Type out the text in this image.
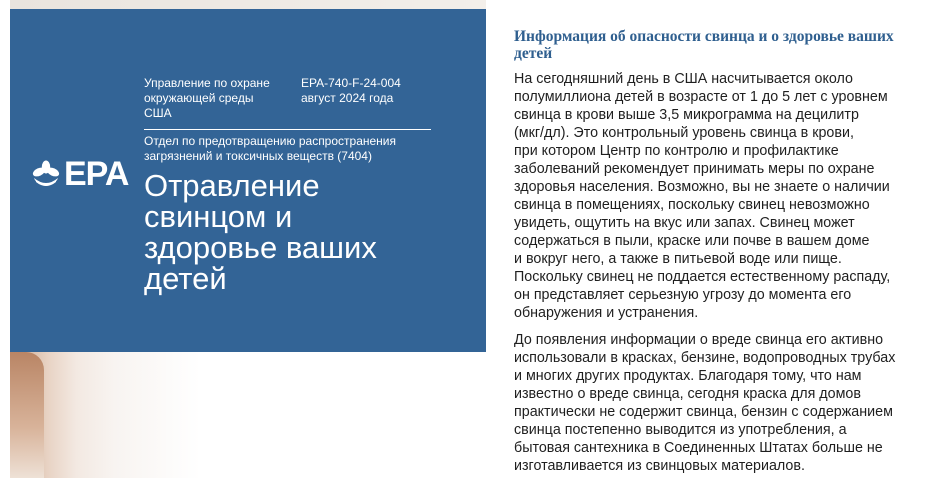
EPA
Управление по охране
окружающей среды
США
EPA-740-F-24-004
август 2024 года
Отдел по предотвращению распространения
загрязнений и токсичных веществ (7404)
Отравление
свинцом и
здоровье ваших
детей
Информация об опасности свинца и о здоровье ваших детей

На сегодняшний день в США насчитывается около
полумиллиона детей в возрасте от 1 до 5 лет с уровнем
свинца в крови выше 3,5 микрограмма на децилитр
(мкг/дл). Это контрольный уровень свинца в крови,
при котором Центр по контролю и профилактике
заболеваний рекомендует принимать меры по охране
здоровья населения. Возможно, вы не знаете о наличии
свинца в помещениях, поскольку свинец невозможно
увидеть, ощутить на вкус или запах. Свинец может
содержаться в пыли, краске или почве в вашем доме
и вокруг него, а также в питьевой воде или пище.
Поскольку свинец не поддается естественному распаду,
он представляет серьезную угрозу до момента его
обнаружения и устранения.

До появления информации о вреде свинца его активно
использовали в красках, бензине, водопроводных трубах
и многих других продуктах. Благодаря тому, что нам
известно о вреде свинца, сегодня краска для домов
практически не содержит свинца, бензин с содержанием
свинца постепенно выводится из употребления, а
бытовая сантехника в Соединенных Штатах больше не
изготавливается из свинцовых материалов.
